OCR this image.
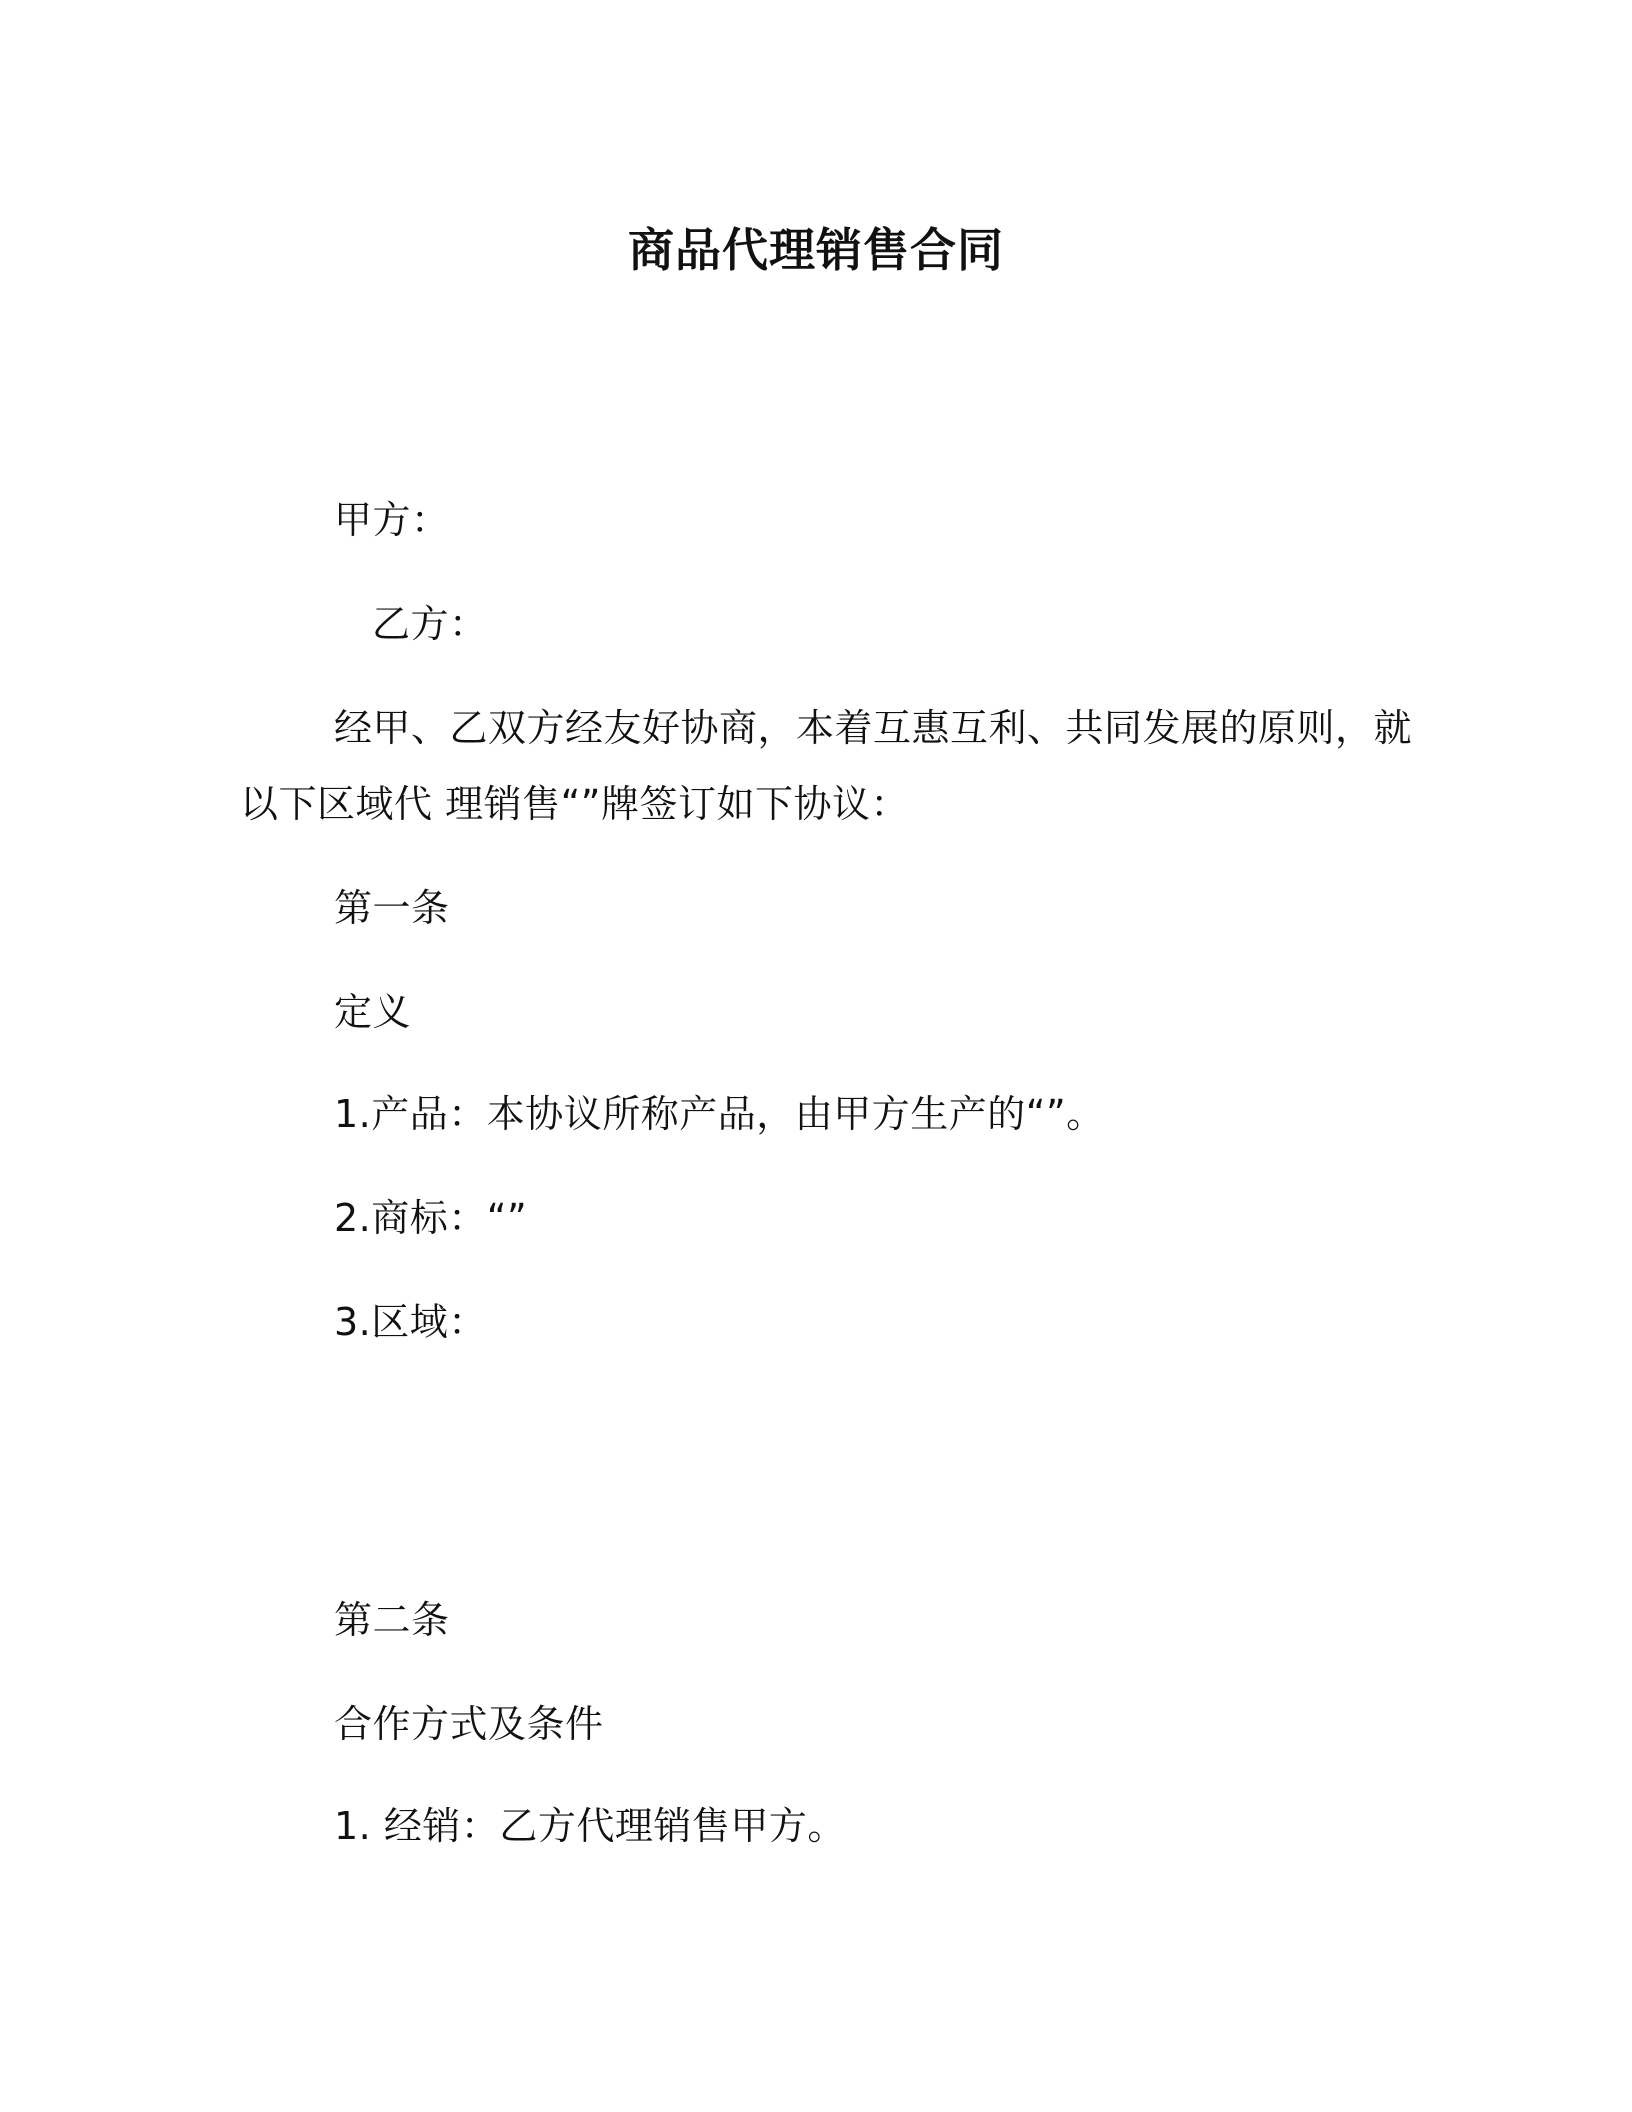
商品代理销售合同
甲方：
乙方：
经甲、乙双方经友好协商，本着互惠互利、共同发展的原则，就
以下区域代 理销售“”牌签订如下协议：
第一条
定义
1.产品：本协议所称产品，由甲方生产的“”。
2.商标：“”
3.区域：
第二条
合作方式及条件
1. 经销：乙方代理销售甲方。
